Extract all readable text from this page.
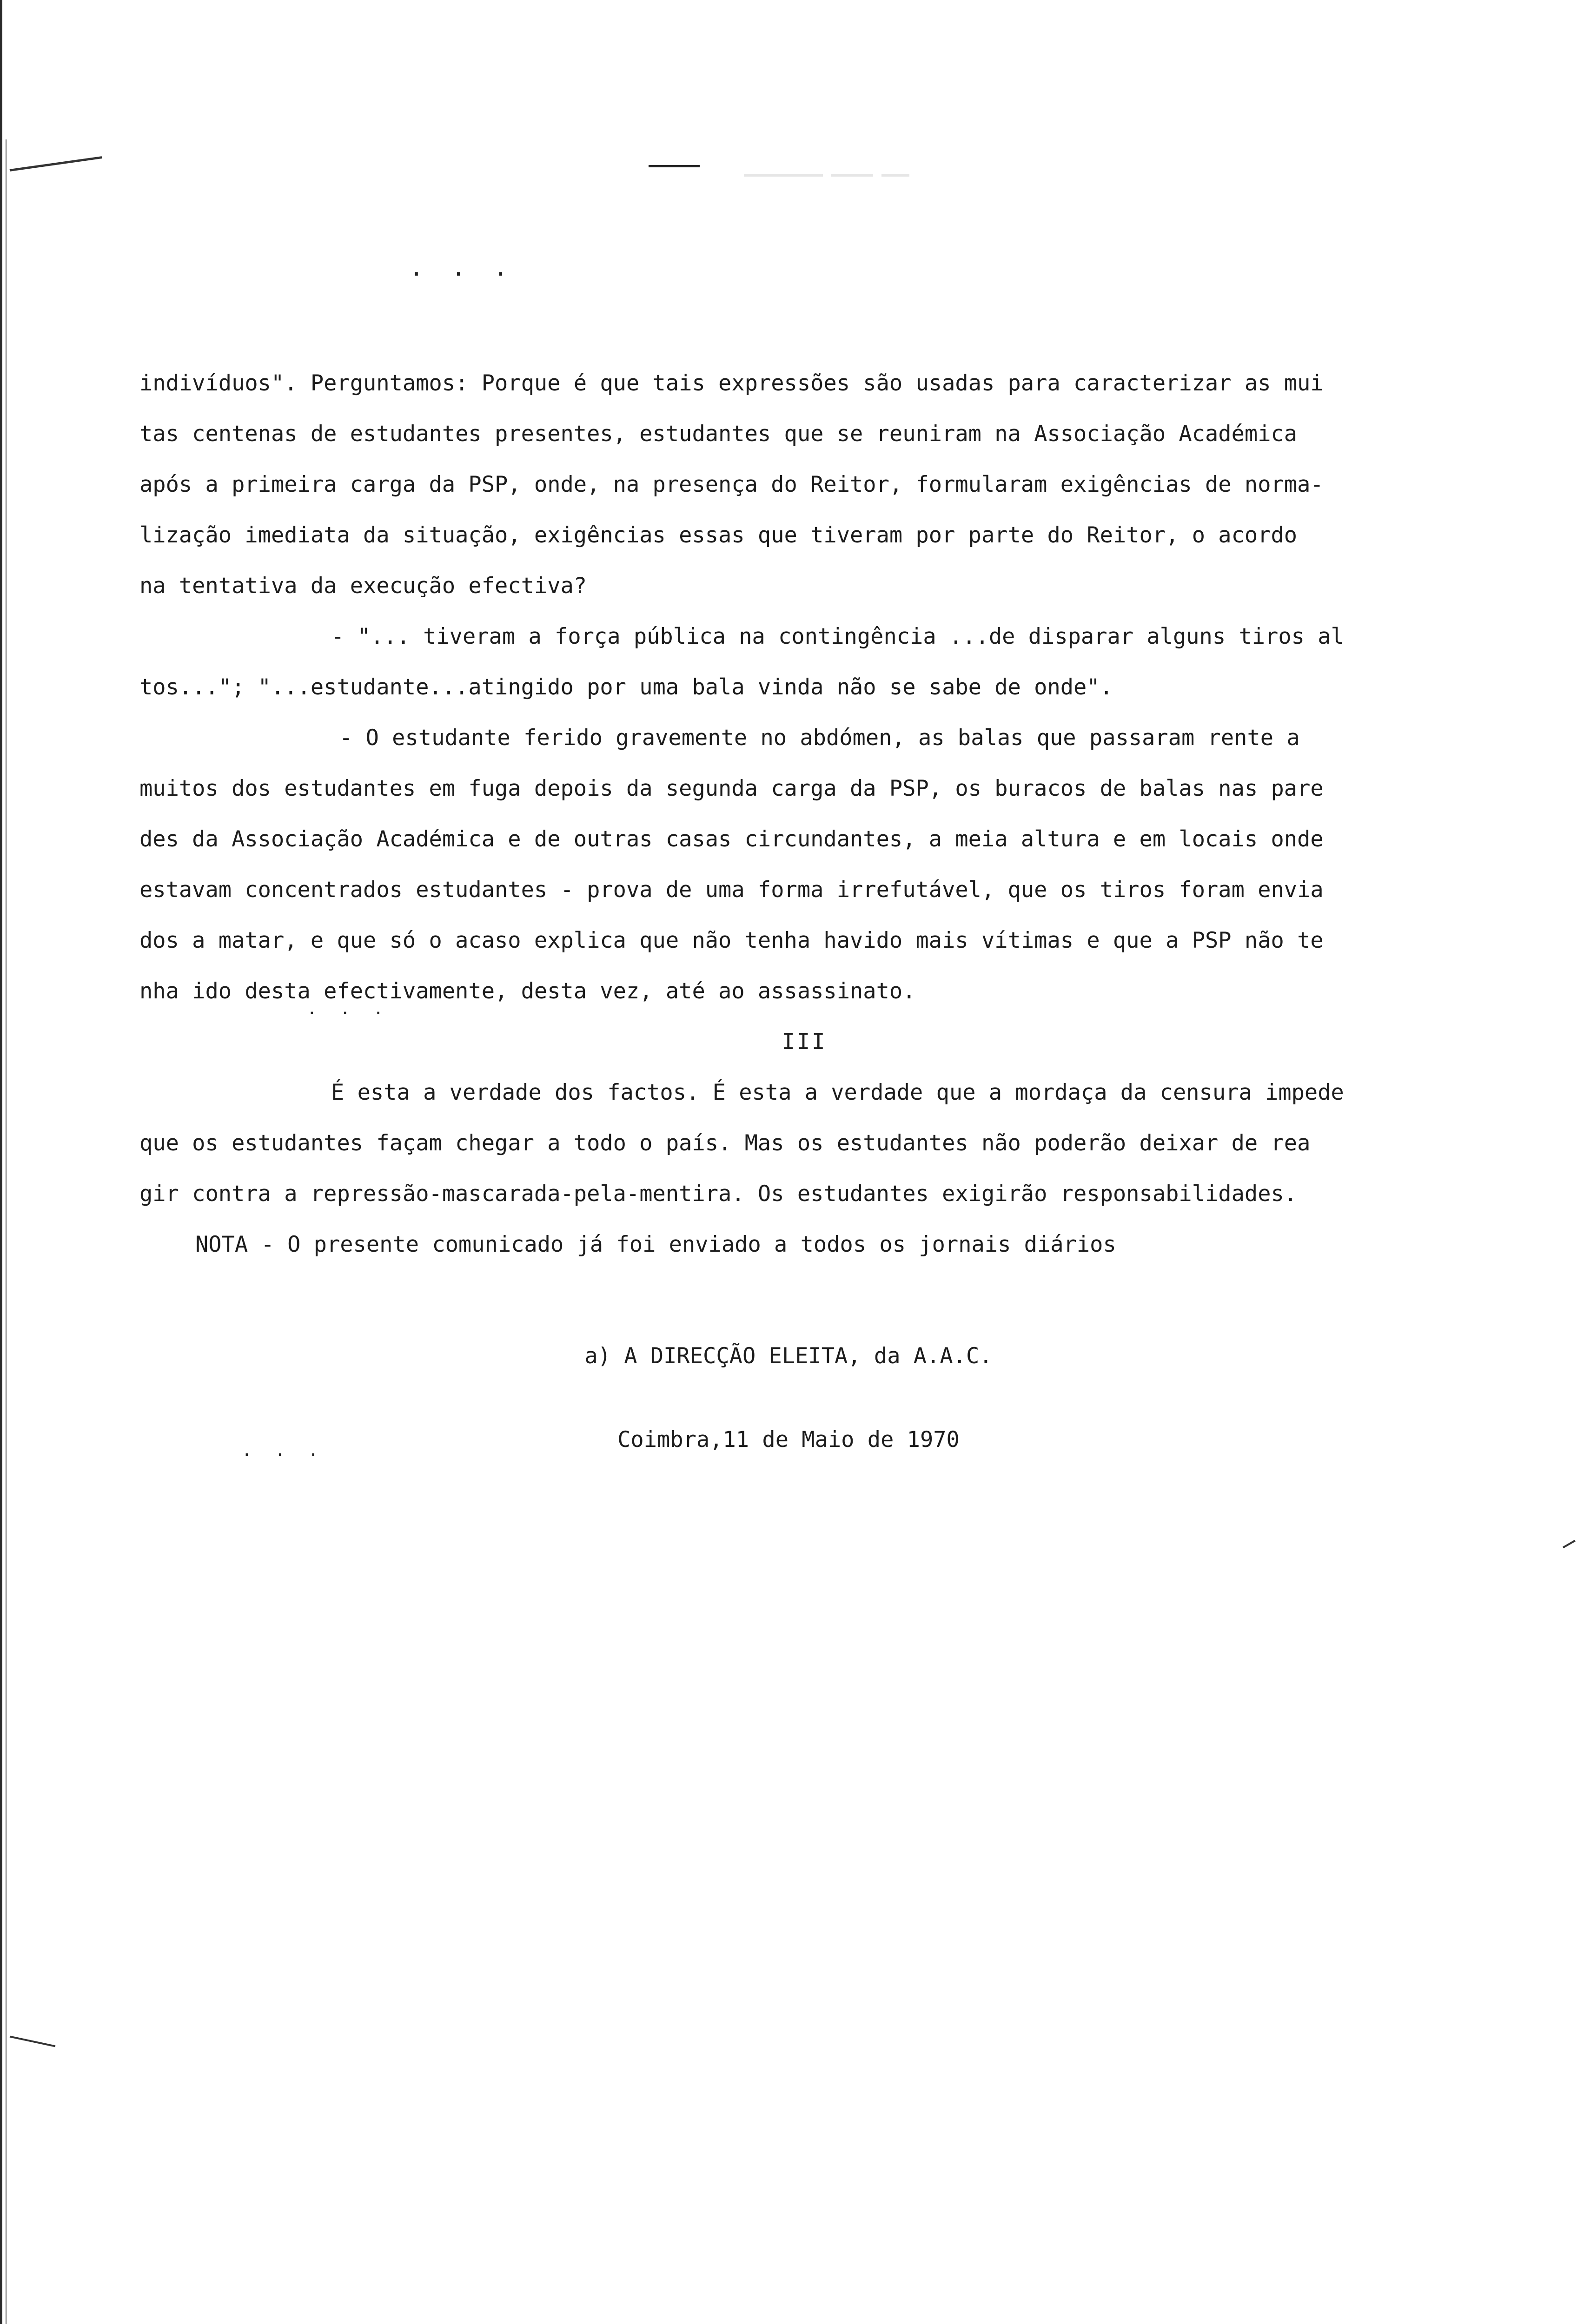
· · ·
· · ·
· · ·
indivíduos". Perguntamos: Porque é que tais expressões são usadas para caracterizar as mui
tas centenas de estudantes presentes, estudantes que se reuniram na Associação Académica
após a primeira carga da PSP, onde, na presença do Reitor, formularam exigências de norma-
lização imediata da situação, exigências essas que tiveram por parte do Reitor, o acordo
na tentativa da execução efectiva?
- "... tiveram a força pública na contingência ...de disparar alguns tiros al
tos..."; "...estudante...atingido por uma bala vinda não se sabe de onde".
- O estudante ferido gravemente no abdómen, as balas que passaram rente a
muitos dos estudantes em fuga depois da segunda carga da PSP, os buracos de balas nas pare
des da Associação Académica e de outras casas circundantes, a meia altura e em locais onde
estavam concentrados estudantes - prova de uma forma irrefutável, que os tiros foram envia
dos a matar, e que só o acaso explica que não tenha havido mais vítimas e que a PSP não te
nha ido desta efectivamente, desta vez, até ao assassinato.
III
É esta a verdade dos factos. É esta a verdade que a mordaça da censura impede
que os estudantes façam chegar a todo o país. Mas os estudantes não poderão deixar de rea
gir contra a repressão-mascarada-pela-mentira. Os estudantes exigirão responsabilidades.
NOTA - O presente comunicado já foi enviado a todos os jornais diários
a) A DIRECÇÃO ELEITA, da A.A.C.
Coimbra,11 de Maio de 1970
